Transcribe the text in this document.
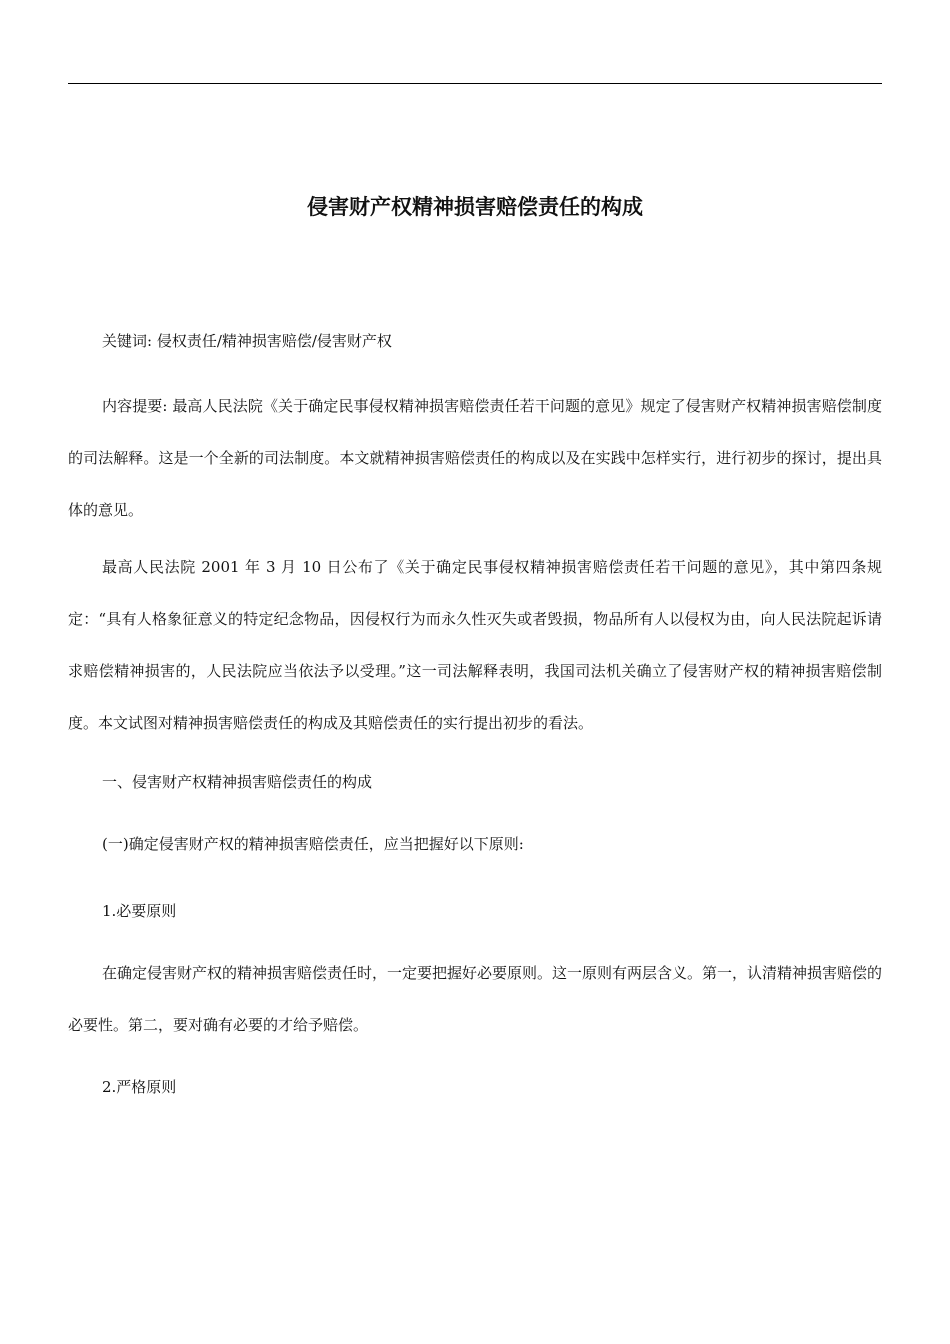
侵害财产权精神损害赔偿责任的构成

关键词: 侵权责任/精神损害赔偿/侵害财产权

内容提要: 最高人民法院《关于确定民事侵权精神损害赔偿责任若干问题的意见》规定了侵害财产权精神损害赔偿制度的司法解释。这是一个全新的司法制度。本文就精神损害赔偿责任的构成以及在实践中怎样实行，进行初步的探讨，提出具体的意见。

最高人民法院 2001 年 3 月 10 日公布了《关于确定民事侵权精神损害赔偿责任若干问题的意见》，其中第四条规定：“具有人格象征意义的特定纪念物品，因侵权行为而永久性灭失或者毁损，物品所有人以侵权为由，向人民法院起诉请求赔偿精神损害的，人民法院应当依法予以受理。”这一司法解释表明，我国司法机关确立了侵害财产权的精神损害赔偿制度。本文试图对精神损害赔偿责任的构成及其赔偿责任的实行提出初步的看法。

一、侵害财产权精神损害赔偿责任的构成

(一)确定侵害财产权的精神损害赔偿责任，应当把握好以下原则:

1.必要原则

在确定侵害财产权的精神损害赔偿责任时，一定要把握好必要原则。这一原则有两层含义。第一，认清精神损害赔偿的必要性。第二，要对确有必要的才给予赔偿。

2.严格原则
